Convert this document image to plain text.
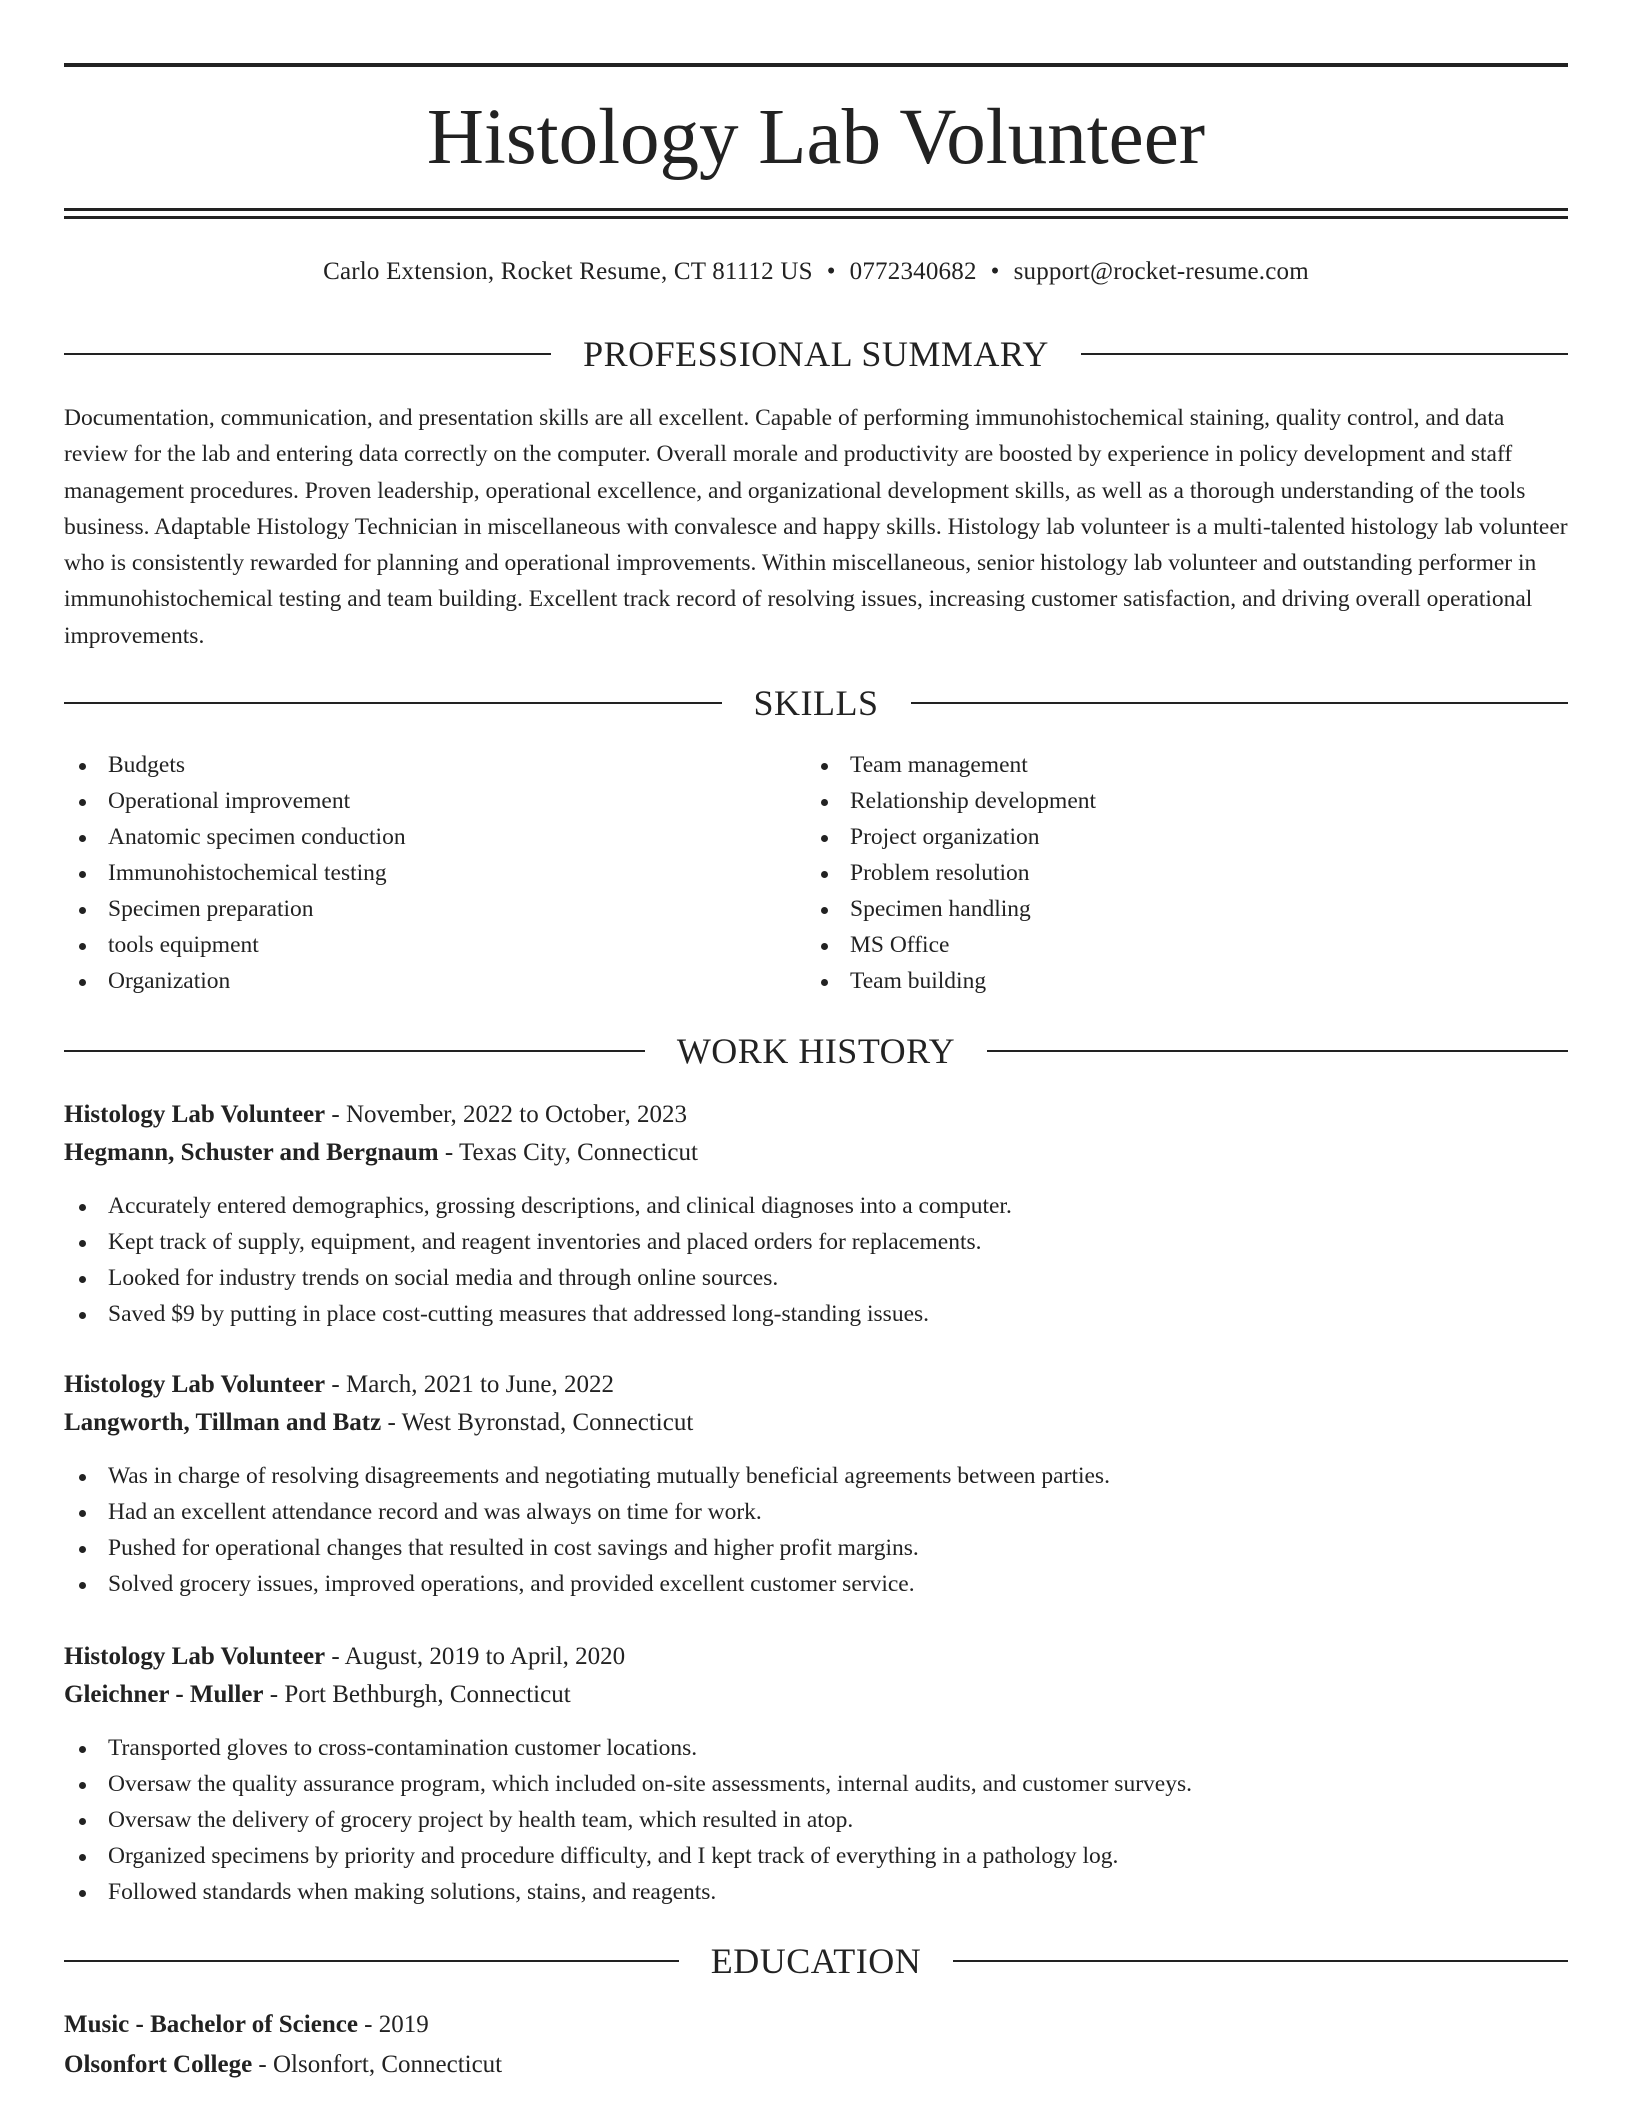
Histology Lab Volunteer
Carlo Extension, Rocket Resume, CT 81112 US • 0772340682 • support@rocket-resume.com
PROFESSIONAL SUMMARY

Documentation, communication, and presentation skills are all excellent. Capable of performing immunohistochemical staining, quality control, and data review for the lab and entering data correctly on the computer. Overall morale and productivity are boosted by experience in policy development and staff management procedures. Proven leadership, operational excellence, and organizational development skills, as well as a thorough understanding of the tools business. Adaptable Histology Technician in miscellaneous with convalesce and happy skills. Histology lab volunteer is a multi-talented histology lab volunteer who is consistently rewarded for planning and operational improvements. Within miscellaneous, senior histology lab volunteer and outstanding performer in immunohistochemical testing and team building. Excellent track record of resolving issues, increasing customer satisfaction, and driving overall operational improvements.

SKILLS
Budgets
Operational improvement
Anatomic specimen conduction
Immunohistochemical testing
Specimen preparation
tools equipment
Organization
Team management
Relationship development
Project organization
Problem resolution
Specimen handling
MS Office
Team building
WORK HISTORY
Histology Lab Volunteer - November, 2022 to October, 2023
Hegmann, Schuster and Bergnaum - Texas City, Connecticut
Accurately entered demographics, grossing descriptions, and clinical diagnoses into a computer.
Kept track of supply, equipment, and reagent inventories and placed orders for replacements.
Looked for industry trends on social media and through online sources.
Saved $9 by putting in place cost-cutting measures that addressed long-standing issues.
Histology Lab Volunteer - March, 2021 to June, 2022
Langworth, Tillman and Batz - West Byronstad, Connecticut
Was in charge of resolving disagreements and negotiating mutually beneficial agreements between parties.
Had an excellent attendance record and was always on time for work.
Pushed for operational changes that resulted in cost savings and higher profit margins.
Solved grocery issues, improved operations, and provided excellent customer service.
Histology Lab Volunteer - August, 2019 to April, 2020
Gleichner - Muller - Port Bethburgh, Connecticut
Transported gloves to cross-contamination customer locations.
Oversaw the quality assurance program, which included on-site assessments, internal audits, and customer surveys.
Oversaw the delivery of grocery project by health team, which resulted in atop.
Organized specimens by priority and procedure difficulty, and I kept track of everything in a pathology log.
Followed standards when making solutions, stains, and reagents.
EDUCATION
Music - Bachelor of Science - 2019
Olsonfort College - Olsonfort, Connecticut
